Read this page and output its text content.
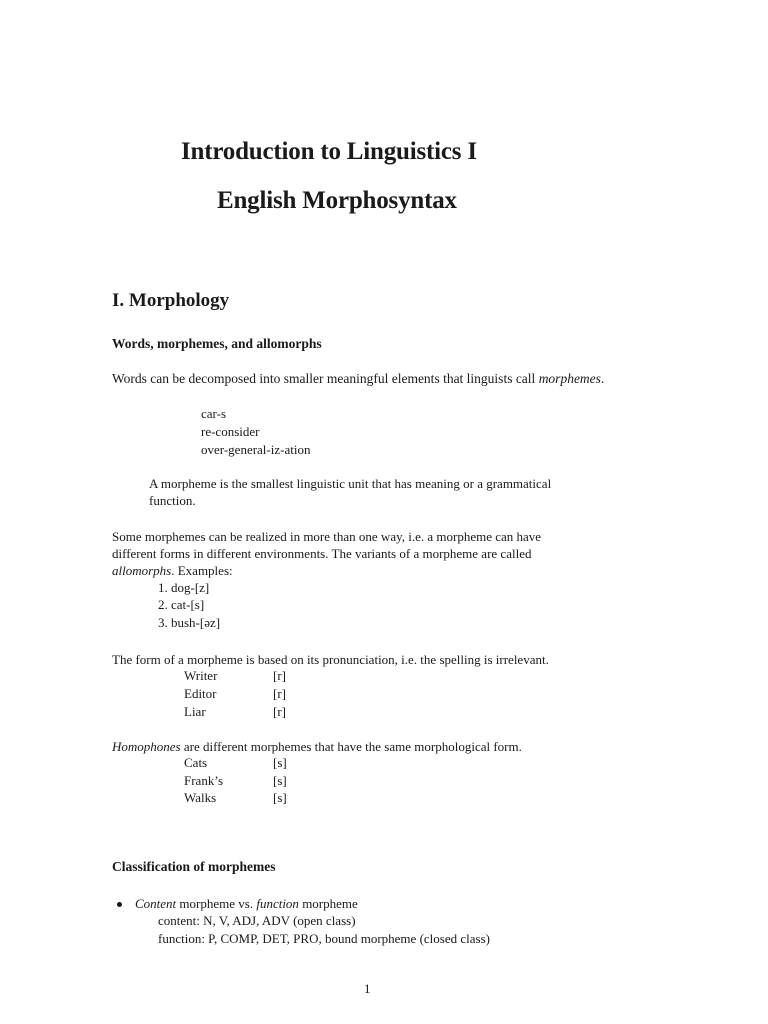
Introduction to Linguistics I
English Morphosyntax
I. Morphology
Words, morphemes, and allomorphs
Words can be decomposed into smaller meaningful elements that linguists call morphemes.
car-s
re-consider
over-general-iz-ation
A morpheme is the smallest linguistic unit that has meaning or a grammatical
function.
Some morphemes can be realized in more than one way, i.e. a morpheme can have
different forms in different environments. The variants of a morpheme are called
allomorphs. Examples:
1. dog-[z]
2. cat-[s]
3. bush-[əz]
The form of a morpheme is based on its pronunciation, i.e. the spelling is irrelevant.
Writer	[r]
Editor	[r]
Liar	[r]
Homophones are different morphemes that have the same morphological form.
Cats	[s]
Frank’s	[s]
Walks	[s]
Classification of morphemes
Content morpheme vs. function morpheme
content: N, V, ADJ, ADV (open class)
function: P, COMP, DET, PRO, bound morpheme (closed class)
1
